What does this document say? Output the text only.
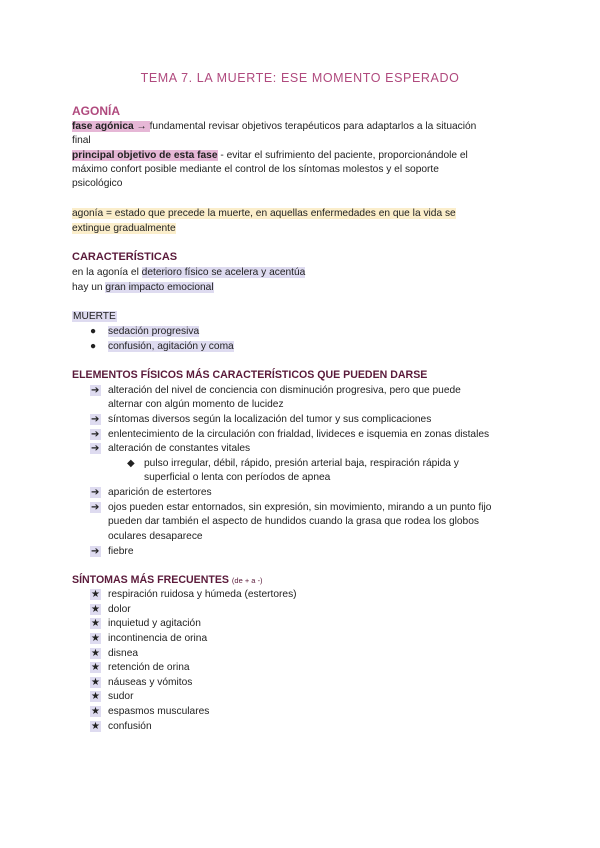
TEMA 7. LA MUERTE: ESE MOMENTO ESPERADO
AGONÍA
fase agónica → fundamental revisar objetivos terapéuticos para adaptarlos a la situación
final
principal objetivo de esta fase - evitar el sufrimiento del paciente, proporcionándole el
máximo confort posible mediante el control de los síntomas molestos y el soporte
psicológico
agonía = estado que precede la muerte, en aquellas enfermedades en que la vida se
extingue gradualmente
CARACTERÍSTICAS
en la agonía el deterioro físico se acelera y acentúa
hay un gran impacto emocional
MUERTE
●	sedación progresiva
●	confusión, agitación y coma
ELEMENTOS FÍSICOS MÁS CARACTERÍSTICOS QUE PUEDEN DARSE
➔ alteración del nivel de conciencia con disminución progresiva, pero que puede
alternar con algún momento de lucidez
➔ síntomas diversos según la localización del tumor y sus complicaciones
➔ enlentecimiento de la circulación con frialdad, livideces e isquemia en zonas distales
➔ alteración de constantes vitales
◆ pulso irregular, débil, rápido, presión arterial baja, respiración rápida y
superficial o lenta con períodos de apnea
➔ aparición de estertores
➔ ojos pueden estar entornados, sin expresión, sin movimiento, mirando a un punto fijo
pueden dar también el aspecto de hundidos cuando la grasa que rodea los globos
oculares desaparece
➔ fiebre
SÍNTOMAS MÁS FRECUENTES (de + a -)
★ respiración ruidosa y húmeda (estertores)
★ dolor
★ inquietud y agitación
★ incontinencia de orina
★ disnea
★ retención de orina
★ náuseas y vómitos
★ sudor
★ espasmos musculares
★ confusión
